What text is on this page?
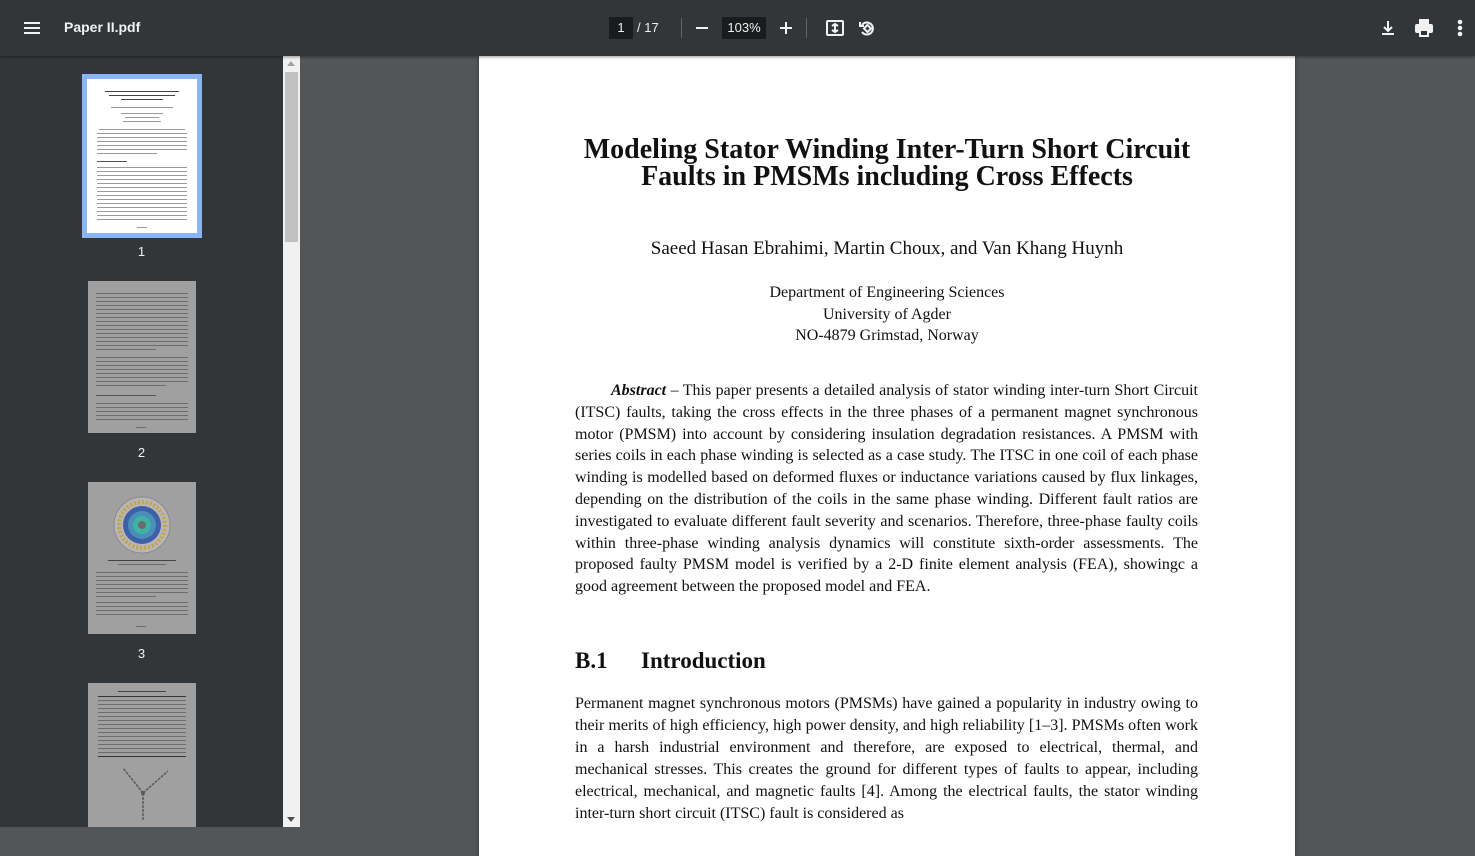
Paper II.pdf	1 / 17	103%
1
2
3
Modeling Stator Winding Inter-Turn Short Circuit Faults in PMSMs including Cross Effects
Saeed Hasan Ebrahimi, Martin Choux, and Van Khang Huynh
Department of Engineering Sciences
University of Agder
NO-4879 Grimstad, Norway
Abstract – This paper presents a detailed analysis of stator winding inter-turn Short Circuit (ITSC) faults, taking the cross effects in the three phases of a permanent magnet synchronous motor (PMSM) into account by considering insulation degradation resistances. A PMSM with series coils in each phase winding is selected as a case study. The ITSC in one coil of each phase winding is modelled based on deformed fluxes or inductance variations caused by flux linkages, depending on the distribution of the coils in the same phase winding. Different fault ratios are investigated to evaluate different fault severity and scenarios. Therefore, three-phase faulty coils within three-phase winding analysis dynamics will constitute sixth-order assessments. The proposed faulty PMSM model is verified by a 2-D finite element analysis (FEA), showingc a good agreement between the proposed model and FEA.
B.1 Introduction
Permanent magnet synchronous motors (PMSMs) have gained a popularity in industry owing to their merits of high efficiency, high power density, and high reliability [1–3]. PMSMs often work in a harsh industrial environment and therefore, are exposed to electrical, thermal, and mechanical stresses. This creates the ground for different types of faults to appear, including electrical, mechanical, and magnetic faults [4]. Among the electrical faults, the stator winding inter-turn short circuit (ITSC) fault is considered as
